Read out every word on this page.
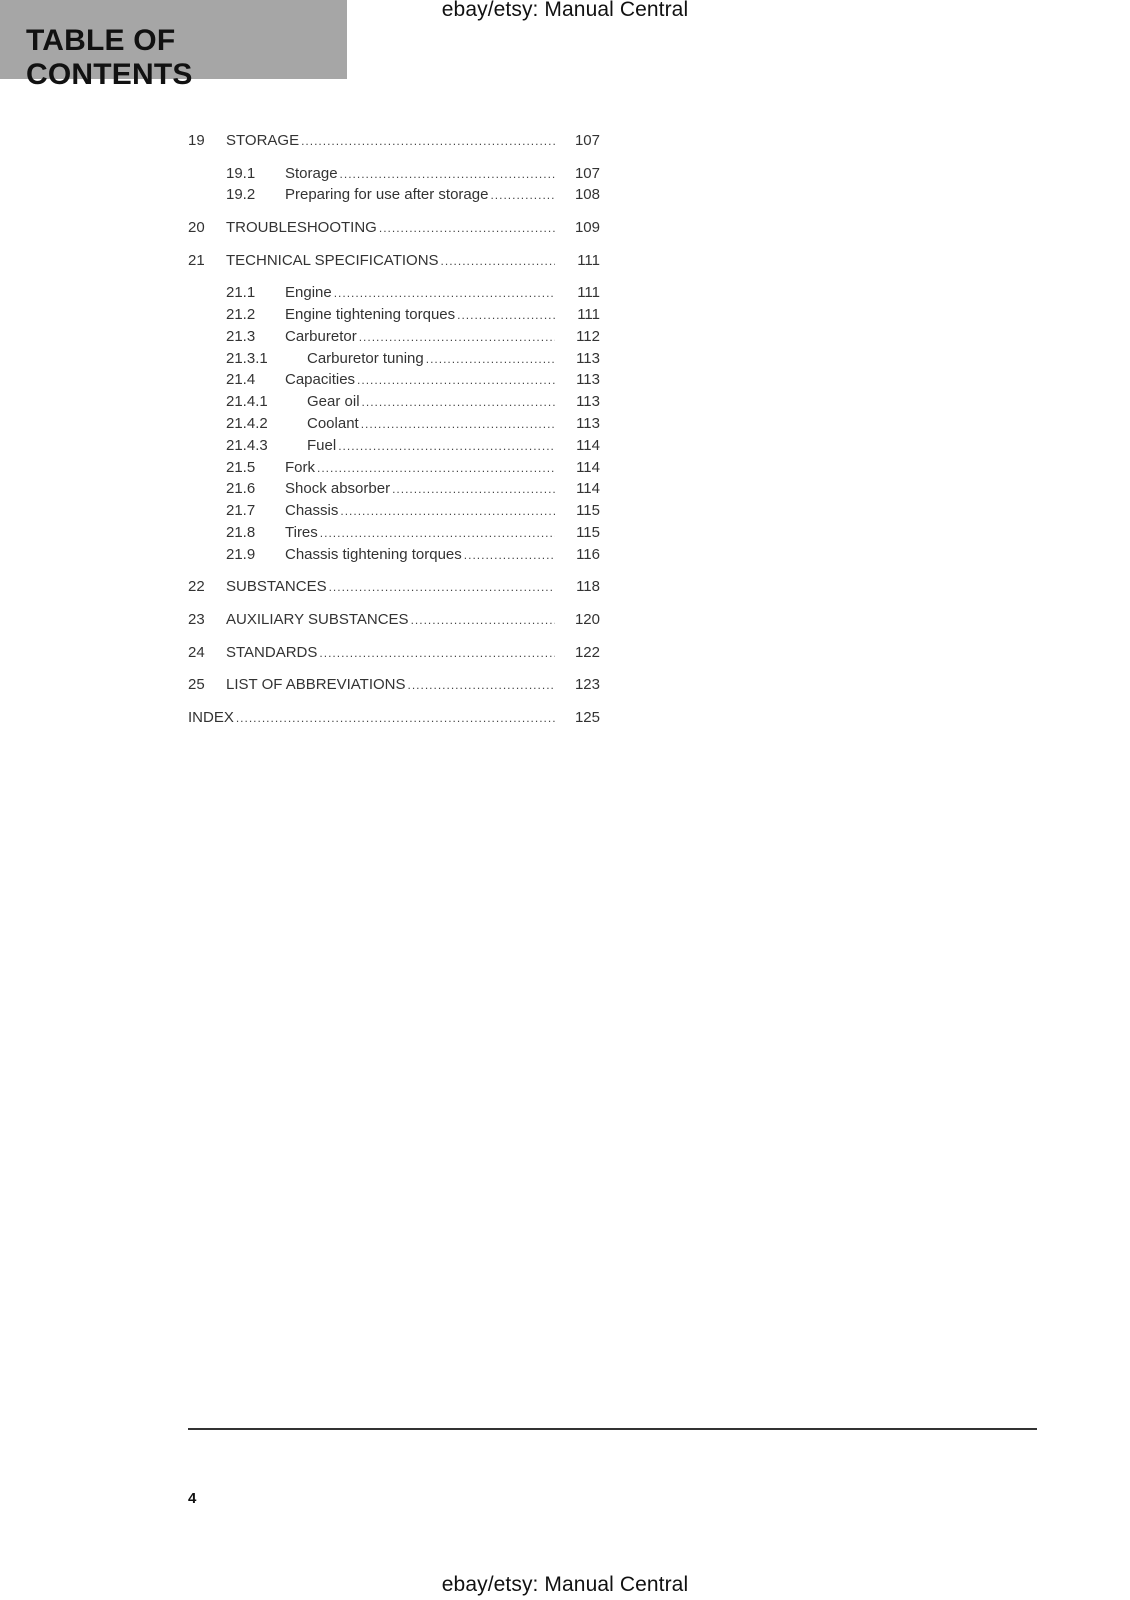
ebay/etsy: Manual Central
TABLE OF CONTENTS
19 STORAGE .....	107
19.1 Storage .....	107
19.2 Preparing for use after storage .....	108
20 TROUBLESHOOTING .....	109
21 TECHNICAL SPECIFICATIONS .....	111
21.1 Engine .....	111
21.2 Engine tightening torques .....	111
21.3 Carburetor .....	112
21.3.1	Carburetor tuning .....	113
21.4 Capacities .....	113
21.4.1	Gear oil .....	113
21.4.2	Coolant .....	113
21.4.3	Fuel .....	114
21.5 Fork .....	114
21.6 Shock absorber .....	114
21.7 Chassis .....	115
21.8 Tires .....	115
21.9 Chassis tightening torques .....	116
22 SUBSTANCES .....	118
23 AUXILIARY SUBSTANCES .....	120
24 STANDARDS .....	122
25 LIST OF ABBREVIATIONS .....	123
INDEX .....	125
4
ebay/etsy: Manual Central
